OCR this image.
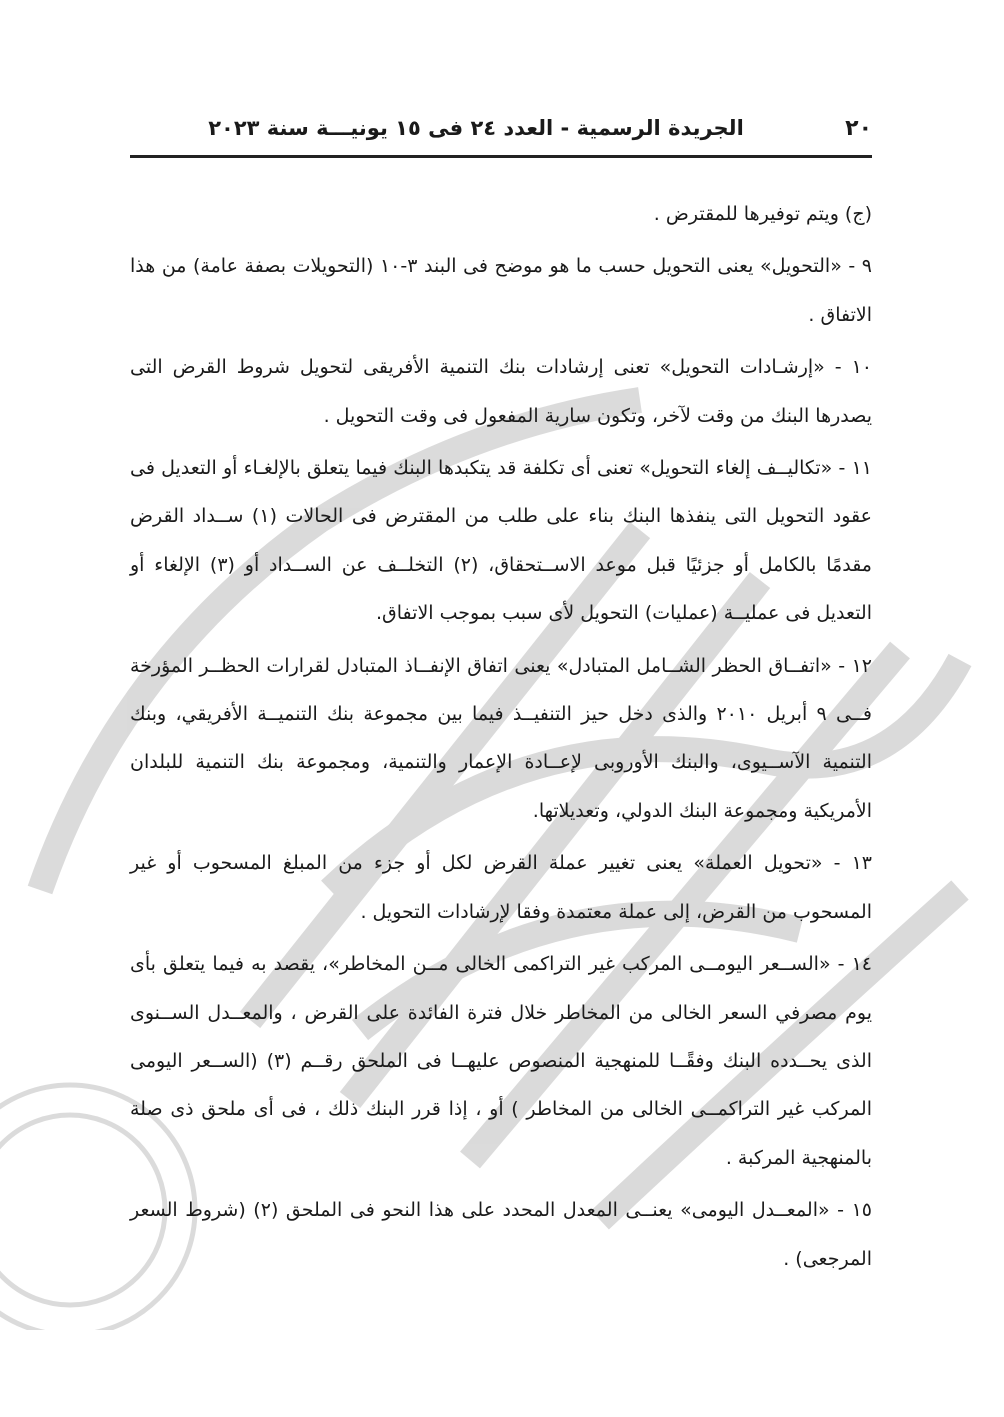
٢٠
الجريدة الرسمية - العدد ٢٤ فى ١٥ يونيـــة سنة ٢٠٢٣

(ج) ويتم توفيرها للمقترض .

٩ - «التحويل» يعنى التحويل حسب ما هو موضح فى البند ٣-١٠ (التحويلات بصفة عامة) من هذا الاتفاق .

١٠ - «إرشـادات التحويل» تعنى إرشادات بنك التنمية الأفريقى لتحويل شروط القرض التى يصدرها البنك من وقت لآخر، وتكون سارية المفعول فى وقت التحويل .

١١ - «تكاليــف إلغاء التحويل» تعنى أى تكلفة قد يتكبدها البنك فيما يتعلق بالإلغـاء أو التعديل فى عقود التحويل التى ينفذها البنك بناء على طلب من المقترض فى الحالات (١) ســداد القرض مقدمًا بالكامل أو جزئيًا قبل موعد الاســتحقاق، (٢) التخلــف عن الســداد أو (٣) الإلغاء أو التعديل فى عمليــة (عمليات) التحويل لأى سبب بموجب الاتفاق.

١٢ - «اتفــاق الحظر الشــامل المتبادل» يعنى اتفاق الإنفــاذ المتبادل لقرارات الحظــر المؤرخة فــى ٩ أبريل ٢٠١٠ والذى دخل حيز التنفيــذ فيما بين مجموعة بنك التنميــة الأفريقي، وبنك التنمية الآســيوى، والبنك الأوروبى لإعــادة الإعمار والتنمية، ومجموعة بنك التنمية للبلدان الأمريكية ومجموعة البنك الدولي، وتعديلاتها.

١٣ - «تحويل العملة» يعنى تغيير عملة القرض لكل أو جزء من المبلغ المسحوب أو غير المسحوب من القرض، إلى عملة معتمدة وفقا لإرشادات التحويل .

١٤ - «الســعر اليومــى المركب غير التراكمى الخالى مــن المخاطر»، يقصد به فيما يتعلق بأى يوم مصرفي السعر الخالى من المخاطر خلال فترة الفائدة على القرض ، والمعــدل الســنوى الذى يحــدده البنك وفقًــا للمنهجية المنصوص عليهــا فى الملحق رقــم (٣) (الســعر اليومى المركب غير التراكمــى الخالى من المخاطر ) أو ، إذا قرر البنك ذلك ، فى أى ملحق ذى صلة بالمنهجية المركبة .

١٥ - «المعــدل اليومى» يعنــى المعدل المحدد على هذا النحو فى الملحق (٢) (شروط السعر المرجعى) .
